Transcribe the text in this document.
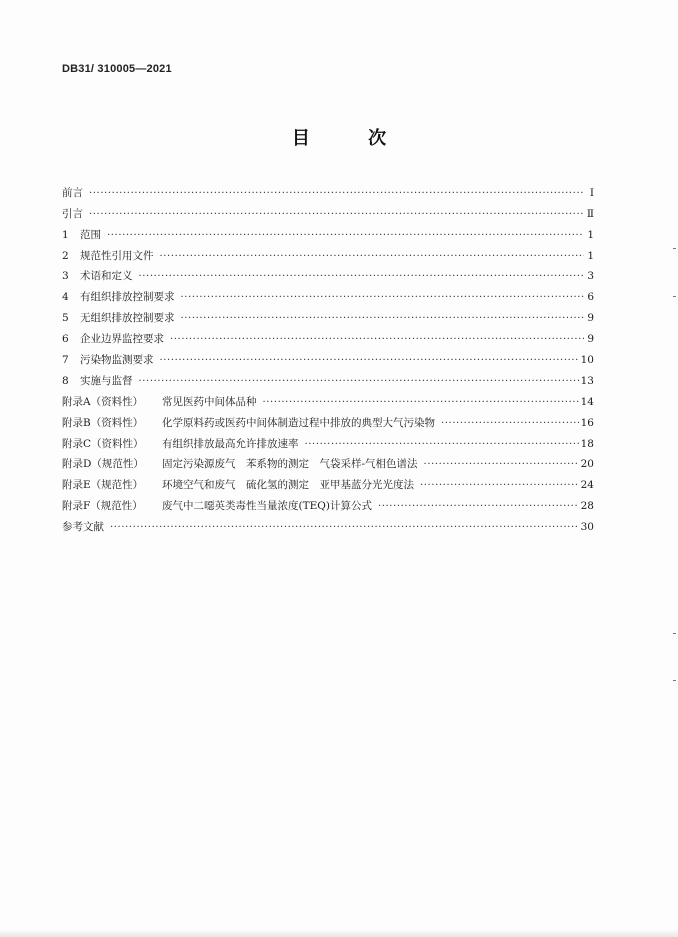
DB31/ 310005—2021
目 次
前言 ·····	Ⅰ
引言 ·····	Ⅱ
1	范围 ·····	1
2	规范性引用文件 ·····	1
3	术语和定义 ·····	3
4	有组织排放控制要求 ·····	6
5	无组织排放控制要求 ·····	9
6	企业边界监控要求 ·····	9
7	污染物监测要求 ·····	10
8	实施与监督 ·····	13
附录A（资料性）	常见医药中间体品种 ·····	14
附录B（资料性）	化学原料药或医药中间体制造过程中排放的典型大气污染物 ·····	16
附录C（资料性）	有组织排放最高允许排放速率 ·····	18
附录D（规范性）	固定污染源废气　苯系物的测定　气袋采样-气相色谱法 ·····	20
附录E（规范性）	环境空气和废气　硫化氢的测定　亚甲基蓝分光光度法 ·····	24
附录F（规范性）	废气中二噁英类毒性当量浓度(TEQ)计算公式 ·····	28
参考文献 ·····	30
